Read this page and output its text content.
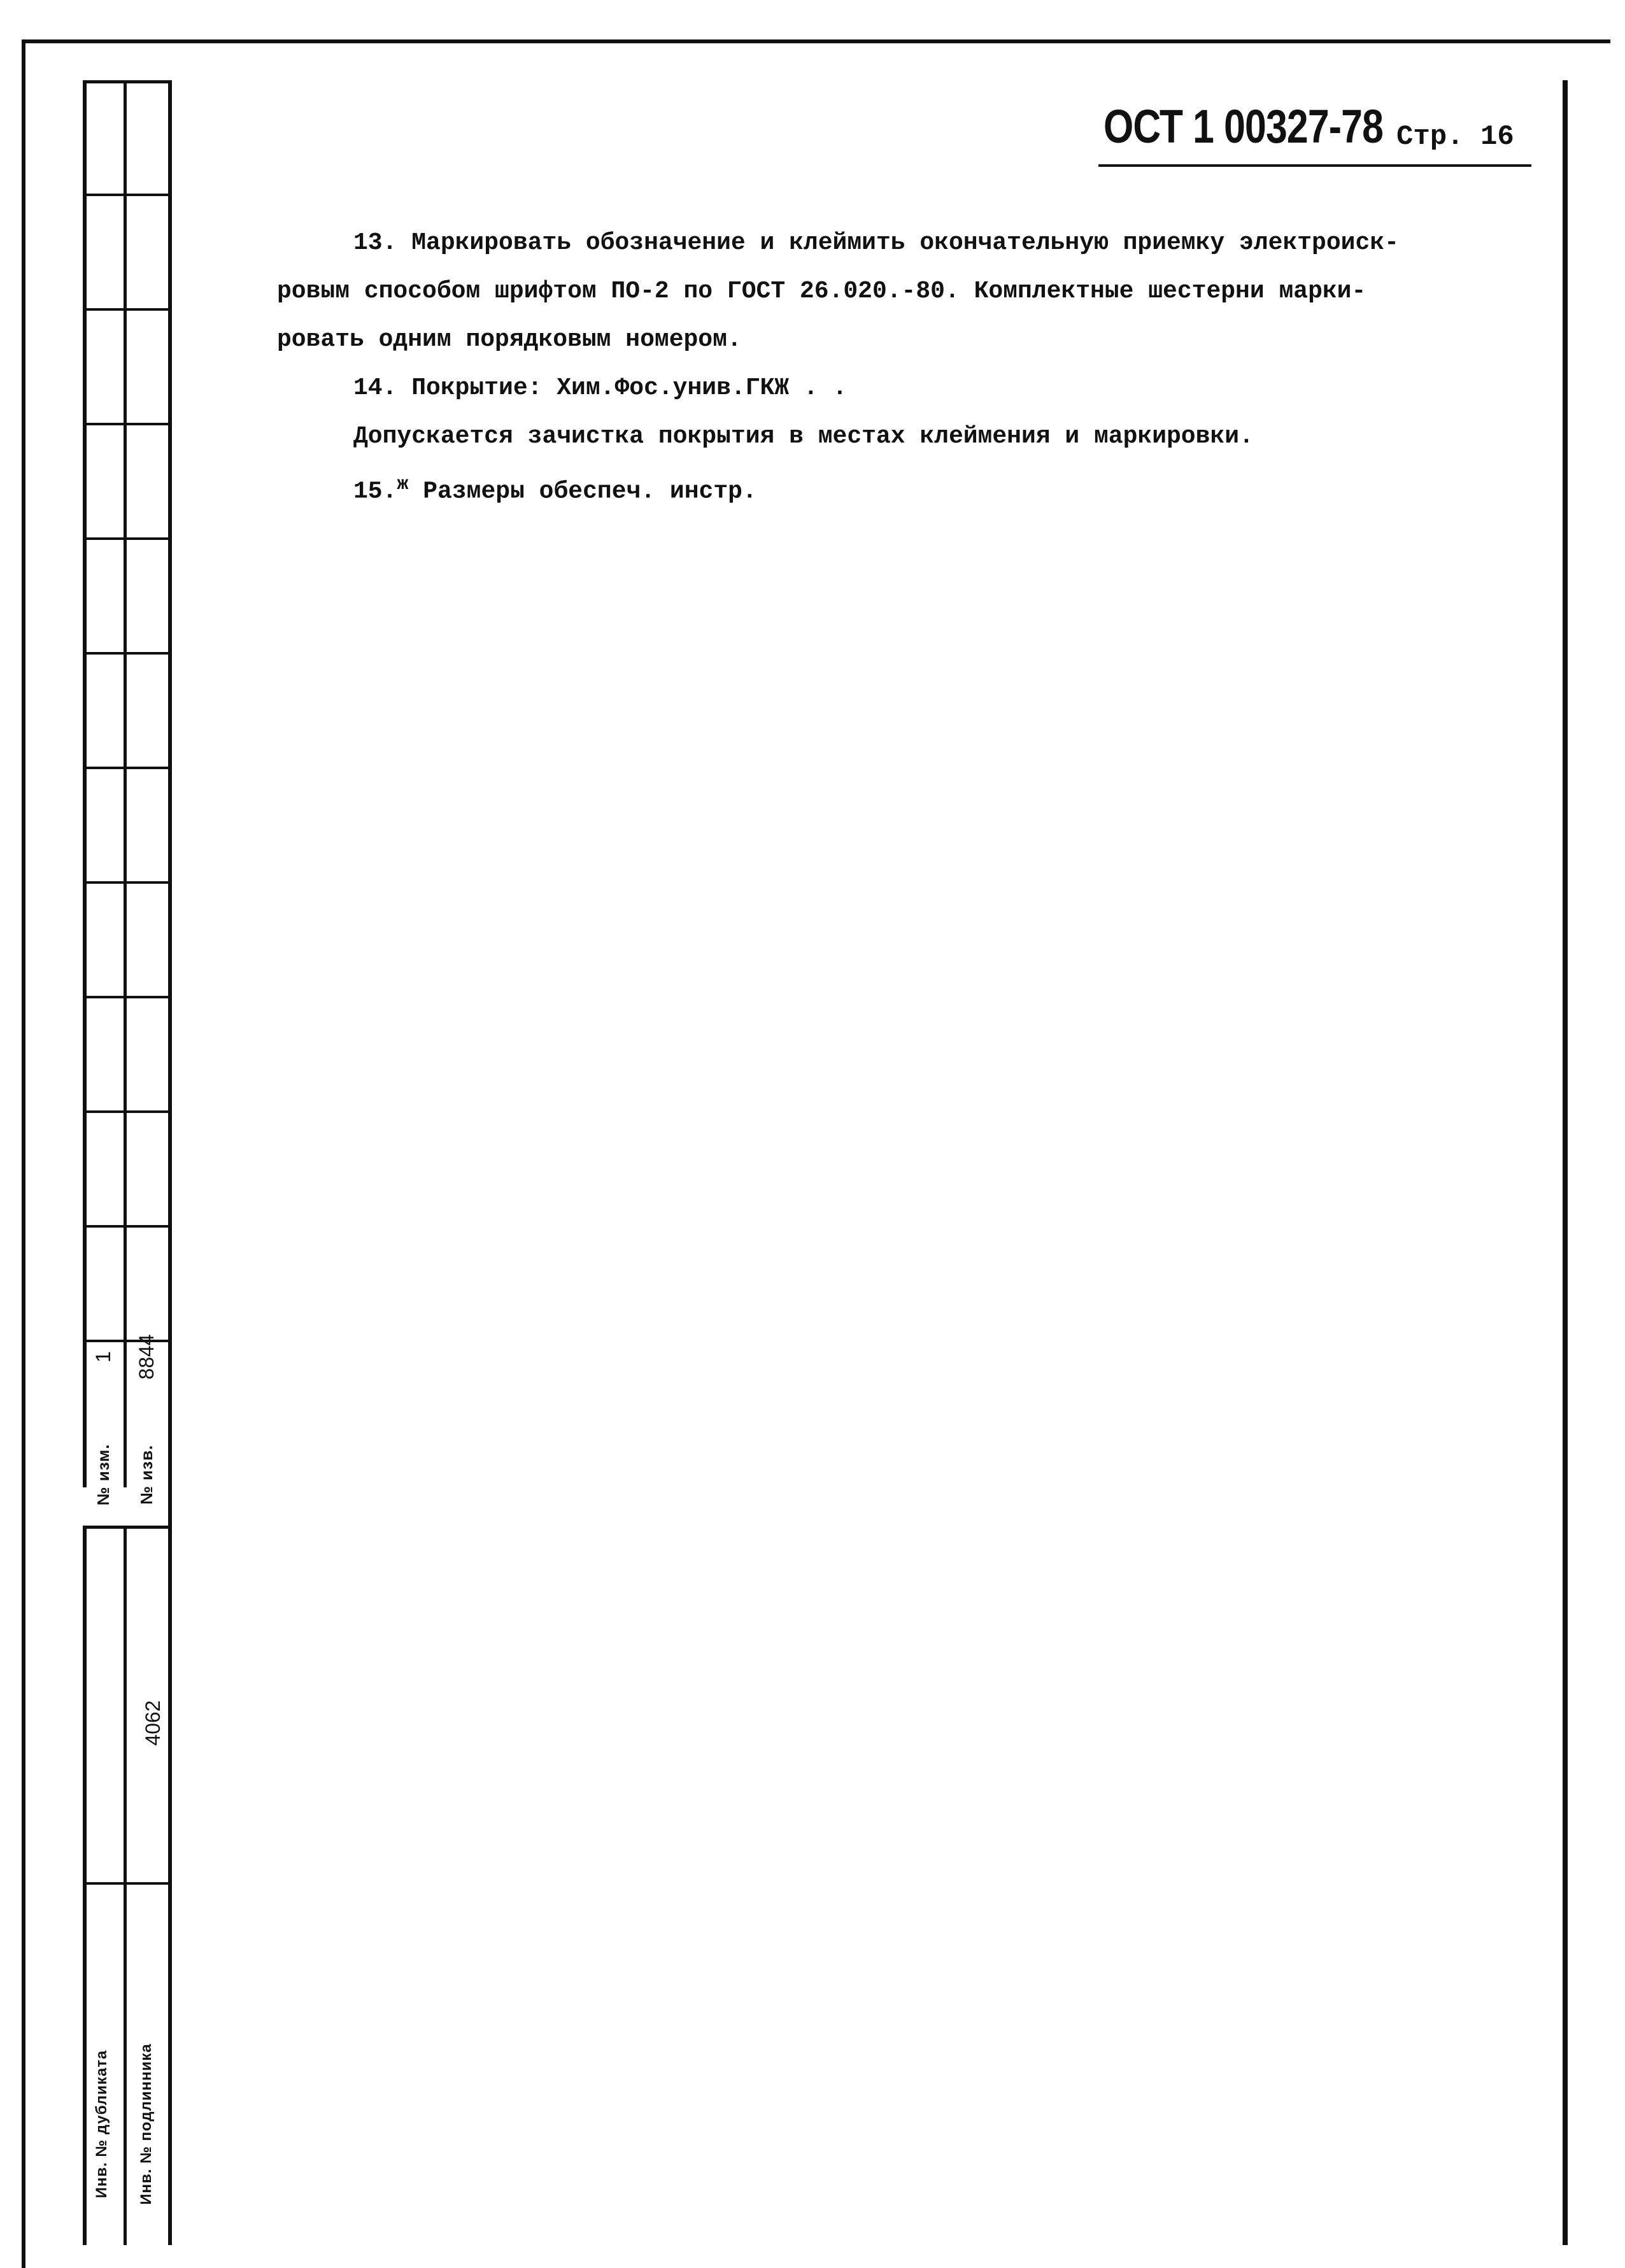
1 8844
№ изм. № изв.
4062
Инв. № дубликата Инв. № подлинника
ОСТ 1 00327-78 Стр. 16
13. Маркировать обозначение и клеймить окончательную приемку электроиск-
ровым способом шрифтом ПО-2 по ГОСТ 26.020.-80. Комплектные шестерни марки-
ровать одним порядковым номером.
14. Покрытие: Хим.Фос.унив.ГКЖ . .
Допускается зачистка покрытия в местах клеймения и маркировки.
15.$^ж$ Размеры обеспеч. инстр.
